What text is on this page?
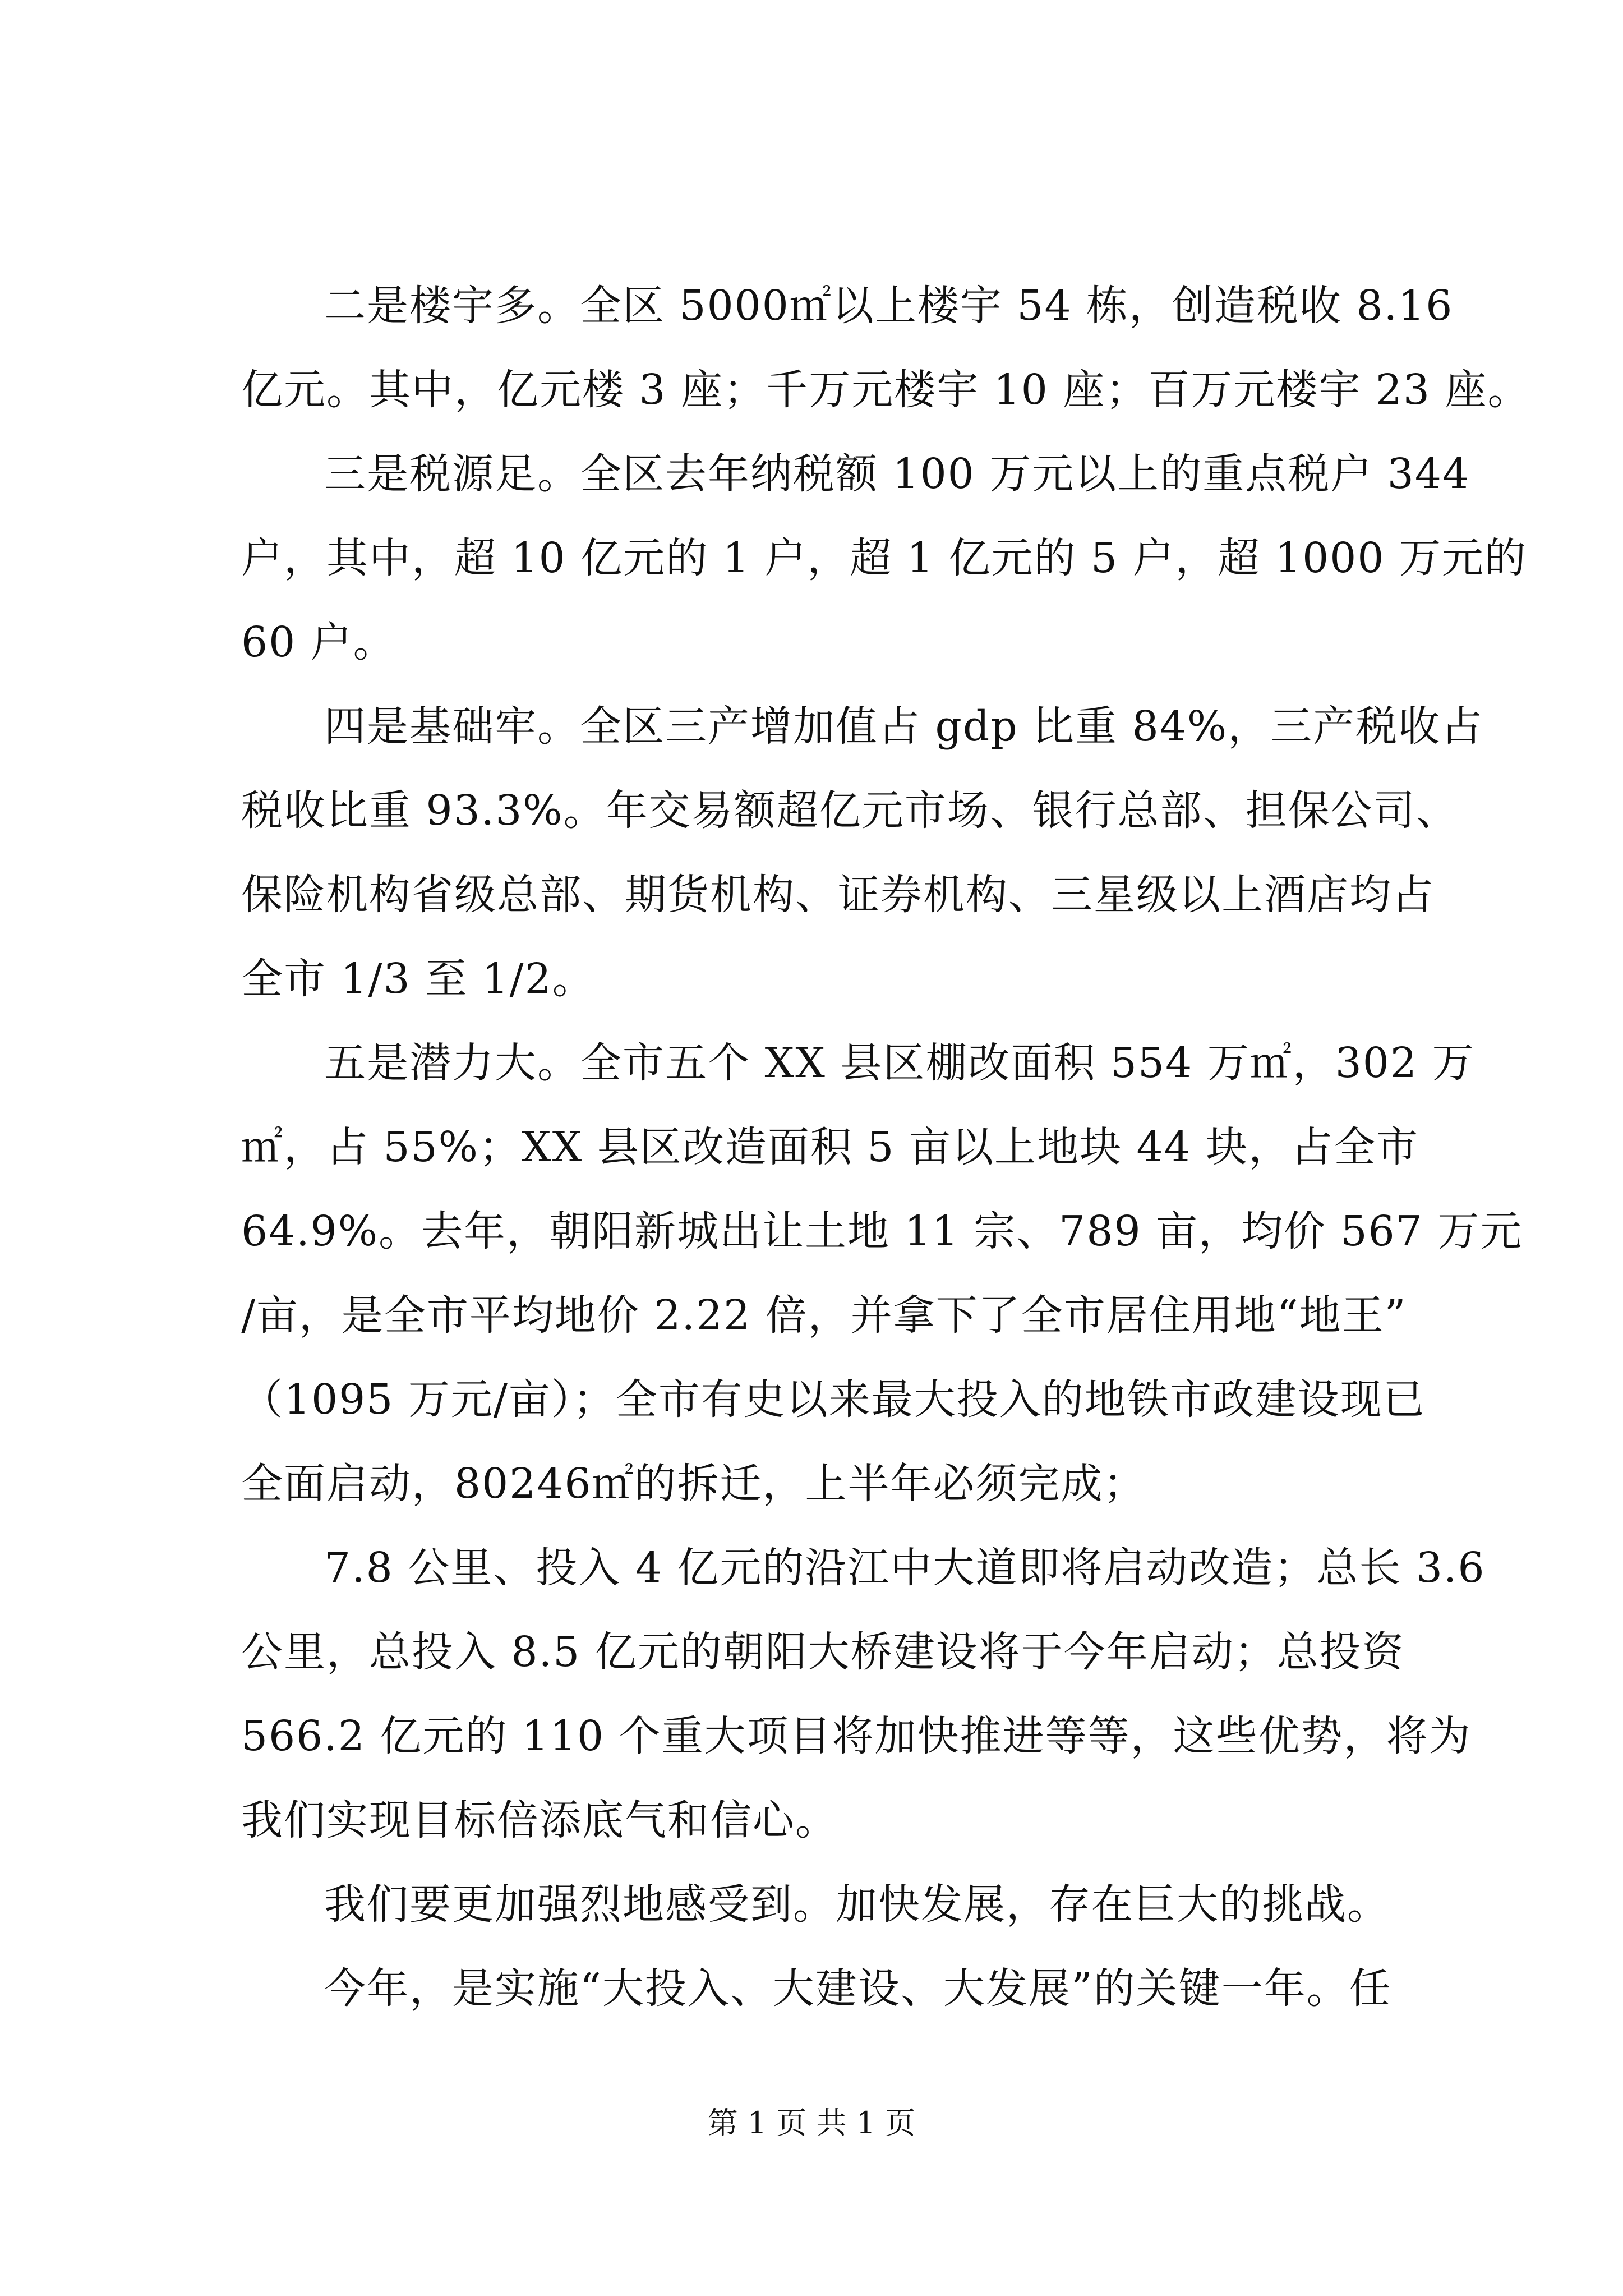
二是楼宇多。全区 5000㎡以上楼宇 54 栋，创造税收 8.16
亿元。其中，亿元楼 3 座；千万元楼宇 10 座；百万元楼宇 23 座。
三是税源足。全区去年纳税额 100 万元以上的重点税户 344
户，其中，超 10 亿元的 1 户，超 1 亿元的 5 户，超 1000 万元的
60 户。
四是基础牢。全区三产增加值占 gdp 比重 84%，三产税收占
税收比重 93.3%。年交易额超亿元市场、银行总部、担保公司、
保险机构省级总部、期货机构、证券机构、三星级以上酒店均占
全市 1/3 至 1/2。
五是潜力大。全市五个 XX 县区棚改面积 554 万㎡，302 万
㎡，占 55%；XX 县区改造面积 5 亩以上地块 44 块，占全市
64.9%。去年，朝阳新城出让土地 11 宗、789 亩，均价 567 万元
/亩，是全市平均地价 2.22 倍，并拿下了全市居住用地“地王”
（1095 万元/亩）；全市有史以来最大投入的地铁市政建设现已
全面启动，80246㎡的拆迁，上半年必须完成；
7.8 公里、投入 4 亿元的沿江中大道即将启动改造；总长 3.6
公里，总投入 8.5 亿元的朝阳大桥建设将于今年启动；总投资
566.2 亿元的 110 个重大项目将加快推进等等，这些优势，将为
我们实现目标倍添底气和信心。
我们要更加强烈地感受到。加快发展，存在巨大的挑战。
今年，是实施“大投入、大建设、大发展”的关键一年。任
第 1 页 共 1 页
